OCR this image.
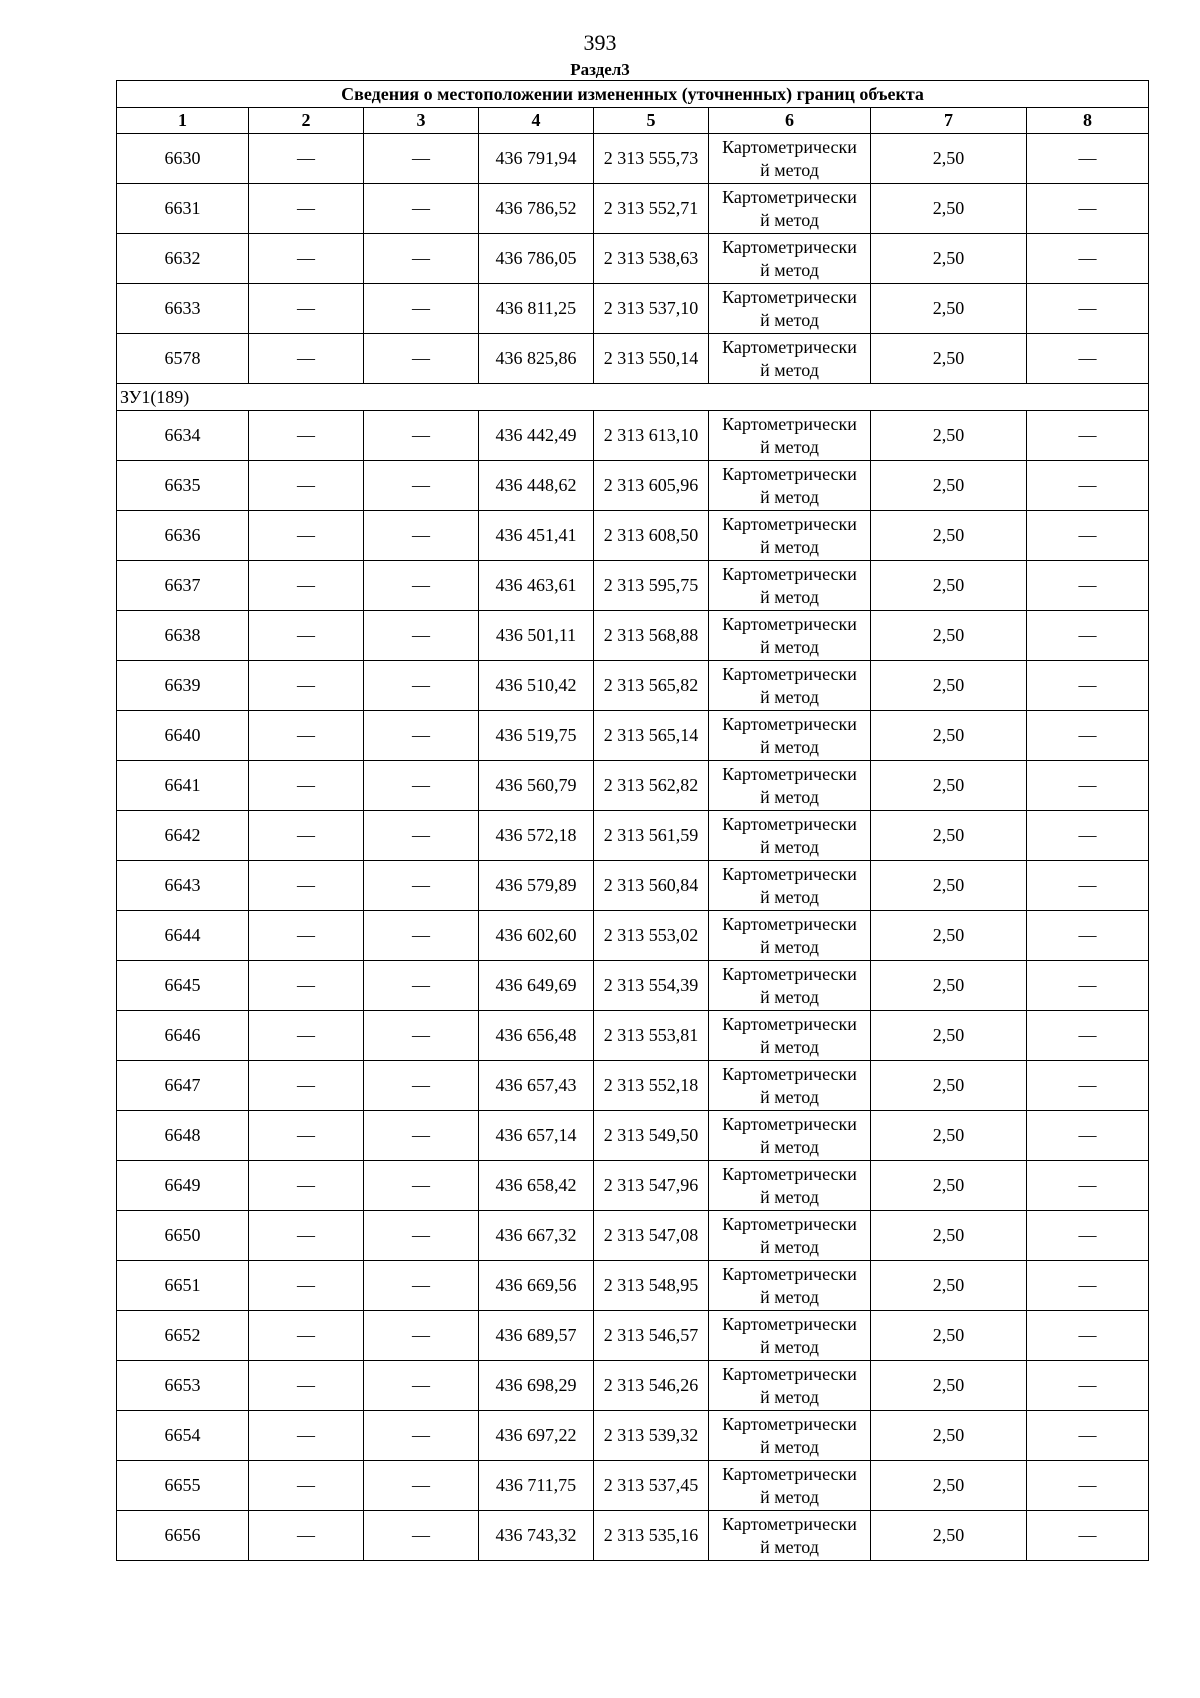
393
Раздел3
Сведения о местоположении измененных (уточненных) границ объекта							
1	2	3	4	5	6	7	8
6630	—	—	436 791,94	2 313 555,73	Картометрически
й метод	2,50	—
6631	—	—	436 786,52	2 313 552,71	Картометрически
й метод	2,50	—
6632	—	—	436 786,05	2 313 538,63	Картометрически
й метод	2,50	—
6633	—	—	436 811,25	2 313 537,10	Картометрически
й метод	2,50	—
6578	—	—	436 825,86	2 313 550,14	Картометрически
й метод	2,50	—
ЗУ1(189)							
6634	—	—	436 442,49	2 313 613,10	Картометрически
й метод	2,50	—
6635	—	—	436 448,62	2 313 605,96	Картометрически
й метод	2,50	—
6636	—	—	436 451,41	2 313 608,50	Картометрически
й метод	2,50	—
6637	—	—	436 463,61	2 313 595,75	Картометрически
й метод	2,50	—
6638	—	—	436 501,11	2 313 568,88	Картометрически
й метод	2,50	—
6639	—	—	436 510,42	2 313 565,82	Картометрически
й метод	2,50	—
6640	—	—	436 519,75	2 313 565,14	Картометрически
й метод	2,50	—
6641	—	—	436 560,79	2 313 562,82	Картометрически
й метод	2,50	—
6642	—	—	436 572,18	2 313 561,59	Картометрически
й метод	2,50	—
6643	—	—	436 579,89	2 313 560,84	Картометрически
й метод	2,50	—
6644	—	—	436 602,60	2 313 553,02	Картометрически
й метод	2,50	—
6645	—	—	436 649,69	2 313 554,39	Картометрически
й метод	2,50	—
6646	—	—	436 656,48	2 313 553,81	Картометрически
й метод	2,50	—
6647	—	—	436 657,43	2 313 552,18	Картометрически
й метод	2,50	—
6648	—	—	436 657,14	2 313 549,50	Картометрически
й метод	2,50	—
6649	—	—	436 658,42	2 313 547,96	Картометрически
й метод	2,50	—
6650	—	—	436 667,32	2 313 547,08	Картометрически
й метод	2,50	—
6651	—	—	436 669,56	2 313 548,95	Картометрически
й метод	2,50	—
6652	—	—	436 689,57	2 313 546,57	Картометрически
й метод	2,50	—
6653	—	—	436 698,29	2 313 546,26	Картометрически
й метод	2,50	—
6654	—	—	436 697,22	2 313 539,32	Картометрически
й метод	2,50	—
6655	—	—	436 711,75	2 313 537,45	Картометрически
й метод	2,50	—
6656	—	—	436 743,32	2 313 535,16	Картометрически
й метод	2,50	—
